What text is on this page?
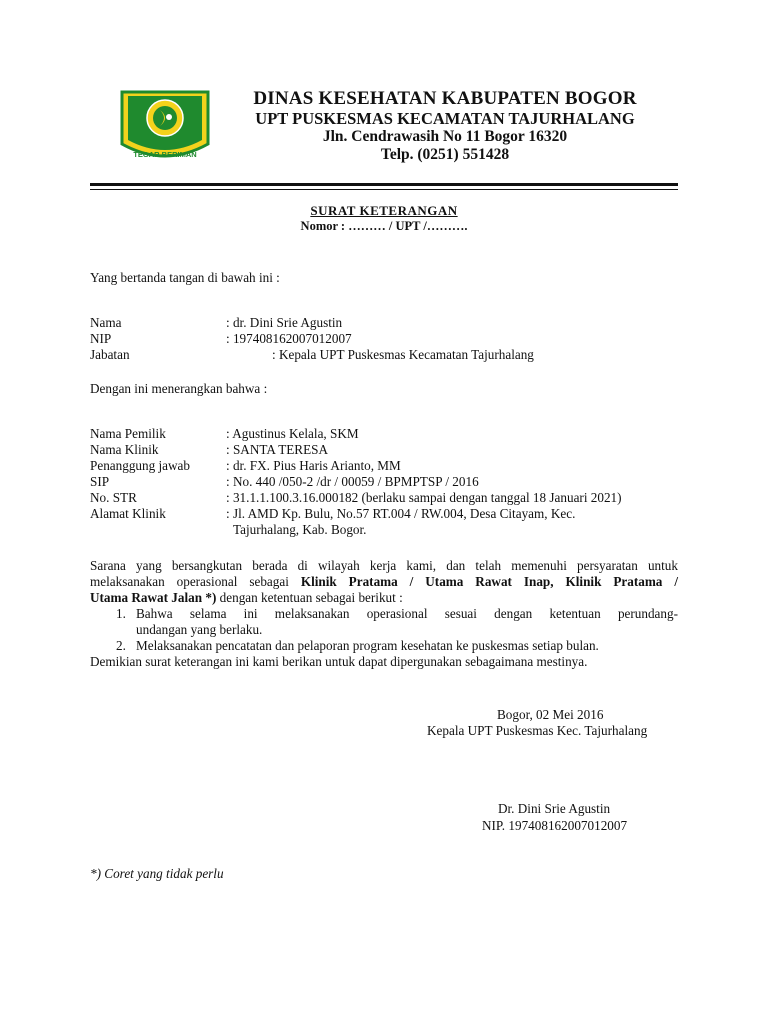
TEGAR BERIMAN
DINAS KESEHATAN KABUPATEN BOGOR
UPT PUSKESMAS KECAMATAN TAJURHALANG
Jln. Cendrawasih No 11 Bogor 16320
Telp. (0251) 551428
SURAT KETERANGAN
Nomor : ……… / UPT /……….
Yang bertanda tangan di bawah ini :
Nama	: dr. Dini Srie Agustin
NIP	: 197408162007012007
Jabatan	: Kepala UPT Puskesmas Kecamatan Tajurhalang
Dengan ini menerangkan bahwa :
Nama Pemilik	: Agustinus Kelala, SKM
Nama Klinik	: SANTA TERESA
Penanggung jawab	: dr. FX. Pius Haris Arianto, MM
SIP	: No. 440 /050-2 /dr / 00059 / BPMPTSP / 2016
No. STR	: 31.1.1.100.3.16.000182 (berlaku sampai dengan tanggal 18 Januari 2021)
Alamat Klinik	: Jl. AMD Kp. Bulu, No.57 RT.004 / RW.004, Desa Citayam, Kec.
Tajurhalang, Kab. Bogor.
Sarana yang bersangkutan berada di wilayah kerja kami, dan telah memenuhi persyaratan untuk
melaksanakan operasional sebagai Klinik Pratama / Utama Rawat Inap, Klinik Pratama /
Utama Rawat Jalan *) dengan ketentuan sebagai berikut :
1. Bahwa selama ini melaksanakan operasional sesuai dengan ketentuan perundang-
undangan yang berlaku.
2. Melaksanakan pencatatan dan pelaporan program kesehatan ke puskesmas setiap bulan.
Demikian surat keterangan ini kami berikan untuk dapat dipergunakan sebagaimana mestinya.
Bogor, 02 Mei 2016
Kepala UPT Puskesmas Kec. Tajurhalang
Dr. Dini Srie Agustin
NIP. 197408162007012007
*) Coret yang tidak perlu
